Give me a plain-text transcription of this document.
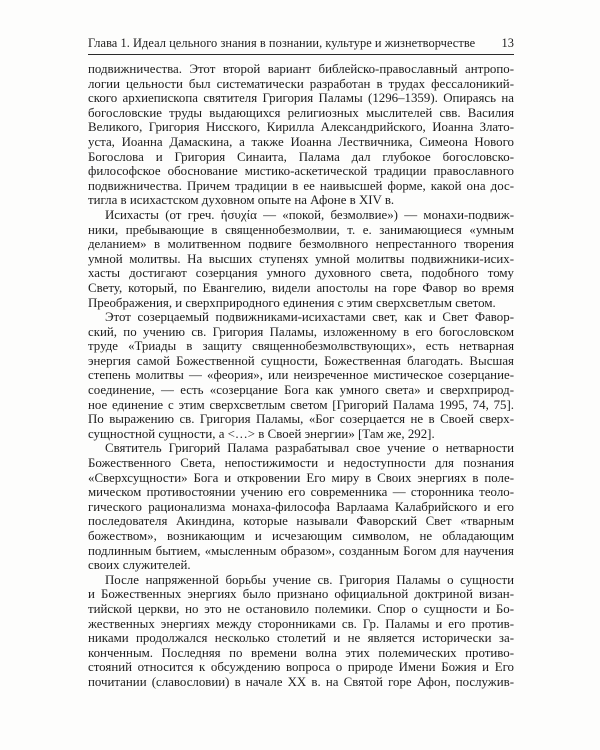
Глава 1. Идеал цельного знания в познании, культуре и жизнетворчестве 13
подвижничества. Этот второй вариант библейско-православный антропо-
логии цельности был систематически разработан в трудах фессалоникий-
ского архиепископа святителя Григория Паламы (1296–1359). Опираясь на
богословские труды выдающихся религиозных мыслителей свв. Василия
Великого, Григория Нисского, Кирилла Александрийского, Иоанна Злато-
уста, Иоанна Дамаскина, а также Иоанна Лествичника, Симеона Нового
Богослова и Григория Синаита, Палама дал глубокое богословско-
философское обоснование мистико-аскетической традиции православного
подвижничества. Причем традиции в ее наивысшей форме, какой она дос-
тигла в исихастском духовном опыте на Афоне в XIV в.
Исихасты (от греч. ἡσυχία — «покой, безмолвие») — монахи-подвиж-
ники, пребывающие в священнобезмолвии, т. е. занимающиеся «умным
деланием» в молитвенном подвиге безмолвного непрестанного творения
умной молитвы. На высших ступенях умной молитвы подвижники-исих-
хасты достигают созерцания умного духовного света, подобного тому
Свету, который, по Евангелию, видели апостолы на горе Фавор во время
Преображения, и сверхприродного единения с этим сверхсветлым светом.
Этот созерцаемый подвижниками-исихастами свет, как и Свет Фавор-
ский, по учению св. Григория Паламы, изложенному в его богословском
труде «Триады в защиту священнобезмолвствующих», есть нетварная
энергия самой Божественной сущности, Божественная благодать. Высшая
степень молитвы — «феория», или неизреченное мистическое созерцание-
соединение, — есть «созерцание Бога как умного света» и сверхприрод-
ное единение с этим сверхсветлым светом [Григорий Палама 1995, 74, 75].
По выражению св. Григория Паламы, «Бог созерцается не в Своей сверх-
сущностной сущности, а <…> в Своей энергии» [Там же, 292].
Святитель Григорий Палама разрабатывал свое учение о нетварности
Божественного Света, непостижимости и недоступности для познания
«Сверхсущности» Бога и откровении Его миру в Своих энергиях в поле-
мическом противостоянии учению его современника — сторонника теоло-
гического рационализма монаха-философа Варлаама Калабрийского и его
последователя Акиндина, которые называли Фаворский Свет «тварным
божеством», возникающим и исчезающим символом, не обладающим
подлинным бытием, «мысленным образом», созданным Богом для научения
своих служителей.
После напряженной борьбы учение св. Григория Паламы о сущности
и Божественных энергиях было признано официальной доктриной визан-
тийской церкви, но это не остановило полемики. Спор о сущности и Бо-
жественных энергиях между сторонниками св. Гр. Паламы и его против-
никами продолжался несколько столетий и не является исторически за-
конченным. Последняя по времени волна этих полемических противо-
стояний относится к обсуждению вопроса о природе Имени Божия и Его
почитании (славословии) в начале XX в. на Святой горе Афон, послужив-
